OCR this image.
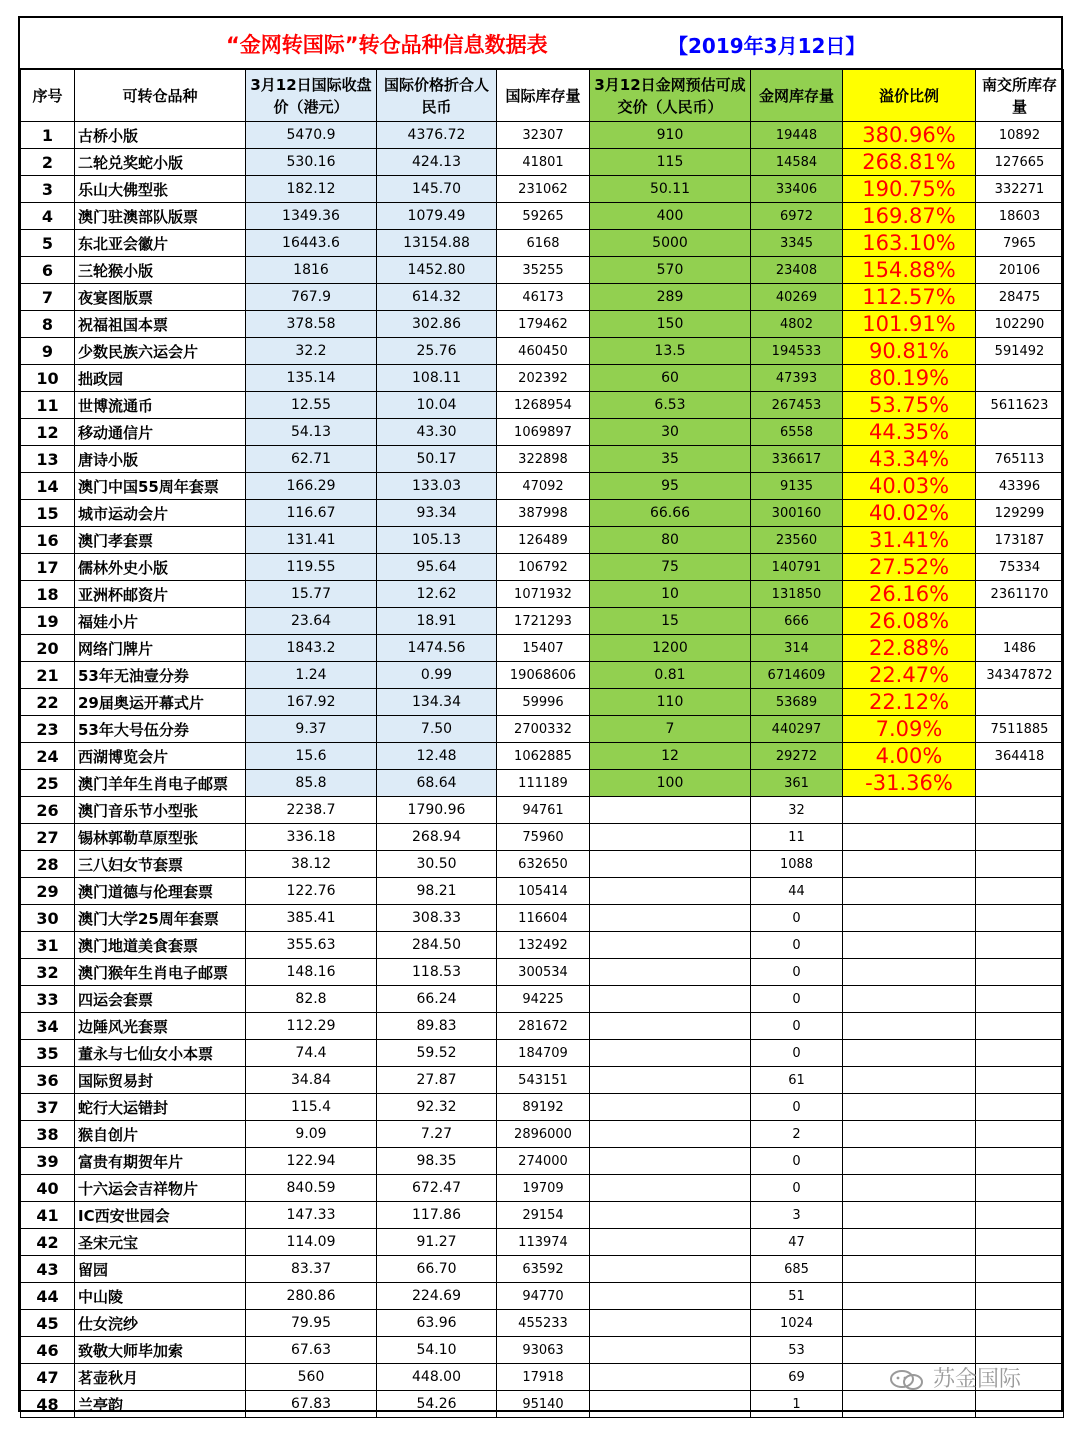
“金网转国际”转仓品种信息数据表	【2019年3月12日】
序号	可转仓品种	3月12日国际收盘价（港元）	国际价格折合人民币	国际库存量	3月12日金网预估可成交价（人民币）	金网库存量	溢价比例	南交所库存量
1	古桥小版	5470.9	4376.72	32307	910	19448	380.96%	10892
2	二轮兑奖蛇小版	530.16	424.13	41801	115	14584	268.81%	127665
3	乐山大佛型张	182.12	145.70	231062	50.11	33406	190.75%	332271
4	澳门驻澳部队版票	1349.36	1079.49	59265	400	6972	169.87%	18603
5	东北亚会徽片	16443.6	13154.88	6168	5000	3345	163.10%	7965
6	三轮猴小版	1816	1452.80	35255	570	23408	154.88%	20106
7	夜宴图版票	767.9	614.32	46173	289	40269	112.57%	28475
8	祝福祖国本票	378.58	302.86	179462	150	4802	101.91%	102290
9	少数民族六运会片	32.2	25.76	460450	13.5	194533	90.81%	591492
10	拙政园	135.14	108.11	202392	60	47393	80.19%	
11	世博流通币	12.55	10.04	1268954	6.53	267453	53.75%	5611623
12	移动通信片	54.13	43.30	1069897	30	6558	44.35%	
13	唐诗小版	62.71	50.17	322898	35	336617	43.34%	765113
14	澳门中国55周年套票	166.29	133.03	47092	95	9135	40.03%	43396
15	城市运动会片	116.67	93.34	387998	66.66	300160	40.02%	129299
16	澳门孝套票	131.41	105.13	126489	80	23560	31.41%	173187
17	儒林外史小版	119.55	95.64	106792	75	140791	27.52%	75334
18	亚洲杯邮资片	15.77	12.62	1071932	10	131850	26.16%	2361170
19	福娃小片	23.64	18.91	1721293	15	666	26.08%	
20	网络门牌片	1843.2	1474.56	15407	1200	314	22.88%	1486
21	53年无油壹分券	1.24	0.99	19068606	0.81	6714609	22.47%	34347872
22	29届奥运开幕式片	167.92	134.34	59996	110	53689	22.12%	
23	53年大号伍分券	9.37	7.50	2700332	7	440297	7.09%	7511885
24	西湖博览会片	15.6	12.48	1062885	12	29272	4.00%	364418
25	澳门羊年生肖电子邮票	85.8	68.64	111189	100	361	-31.36%	
26	澳门音乐节小型张	2238.7	1790.96	94761		32		
27	锡林郭勒草原型张	336.18	268.94	75960		11		
28	三八妇女节套票	38.12	30.50	632650		1088		
29	澳门道德与伦理套票	122.76	98.21	105414		44		
30	澳门大学25周年套票	385.41	308.33	116604		0		
31	澳门地道美食套票	355.63	284.50	132492		0		
32	澳门猴年生肖电子邮票	148.16	118.53	300534		0		
33	四运会套票	82.8	66.24	94225		0		
34	边陲风光套票	112.29	89.83	281672		0		
35	董永与七仙女小本票	74.4	59.52	184709		0		
36	国际贸易封	34.84	27.87	543151		61		
37	蛇行大运错封	115.4	92.32	89192		0		
38	猴自创片	9.09	7.27	2896000		2		
39	富贵有期贺年片	122.94	98.35	274000		0		
40	十六运会吉祥物片	840.59	672.47	19709		0		
41	IC西安世园会	147.33	117.86	29154		3		
42	圣宋元宝	114.09	91.27	113974		47		
43	留园	83.37	66.70	63592		685		
44	中山陵	280.86	224.69	94770		51		
45	仕女浣纱	79.95	63.96	455233		1024		
46	致敬大师毕加索	67.63	54.10	93063		53		
47	茗壶秋月	560	448.00	17918		69		
48	兰亭韵	67.83	54.26	95140		1		
苏金国际
